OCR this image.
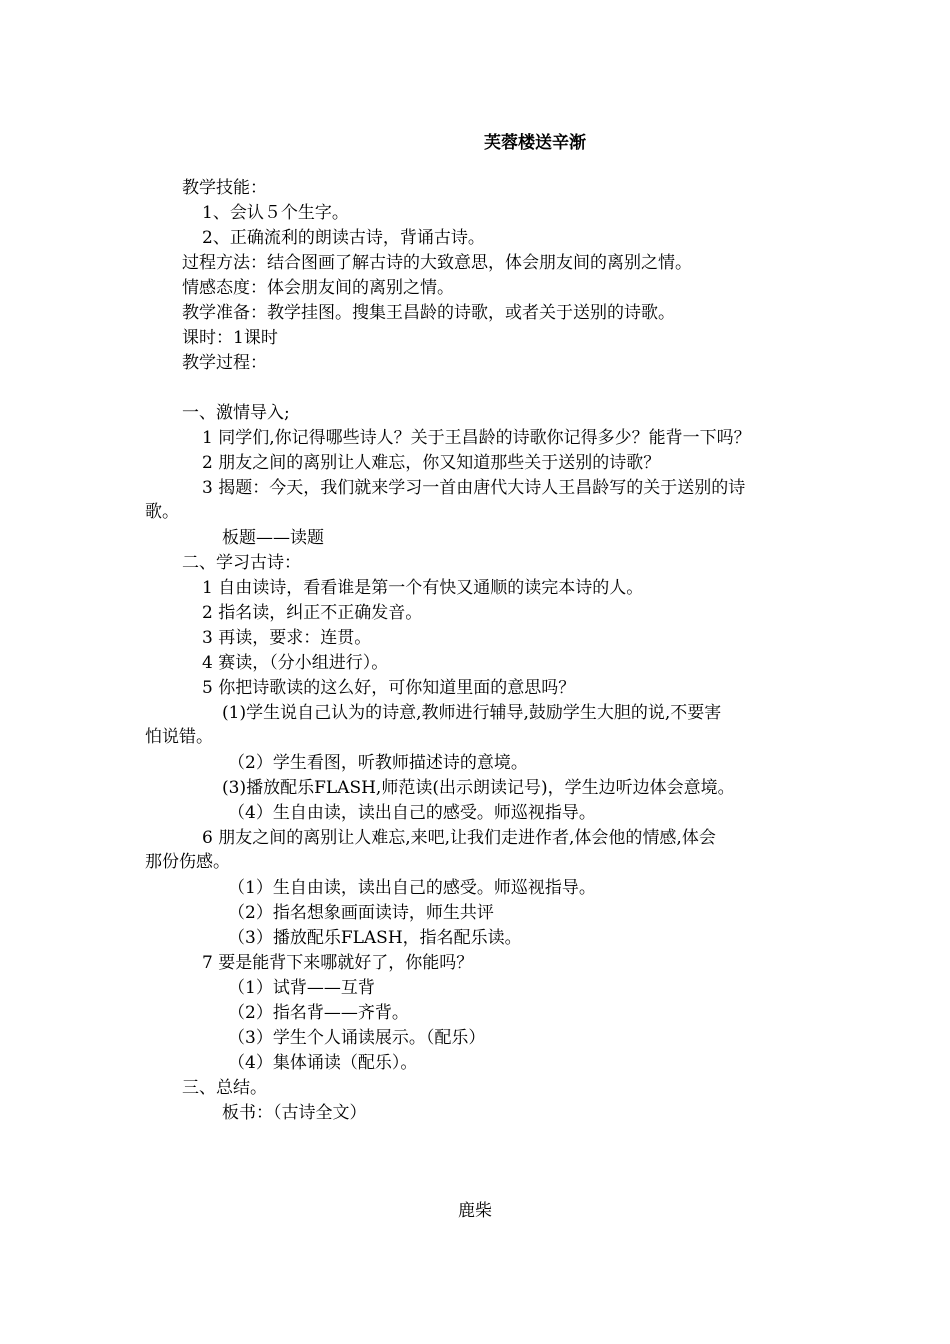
芙蓉楼送辛渐
教学技能：
1、会认５个生字。
2、正确流利的朗读古诗，背诵古诗。
过程方法：结合图画了解古诗的大致意思，体会朋友间的离别之情。
情感态度：体会朋友间的离别之情。
教学准备：教学挂图。搜集王昌龄的诗歌，或者关于送别的诗歌。
课时：1课时
教学过程：
一、激情导入;
1 同学们,你记得哪些诗人？关于王昌龄的诗歌你记得多少？能背一下吗？
2 朋友之间的离别让人难忘，你又知道那些关于送别的诗歌？
3 揭题：今天，我们就来学习一首由唐代大诗人王昌龄写的关于送别的诗
歌。
板题——读题
二、学习古诗：
1 自由读诗，看看谁是第一个有快又通顺的读完本诗的人。
2 指名读，纠正不正确发音。
3 再读，要求：连贯。
4 赛读，（分小组进行）。
5 你把诗歌读的这么好，可你知道里面的意思吗？
(1)学生说自己认为的诗意,教师进行辅导,鼓励学生大胆的说,不要害
怕说错。
（2）学生看图，听教师描述诗的意境。
(3)播放配乐FLASH,师范读(出示朗读记号)，学生边听边体会意境。
（4）生自由读，读出自己的感受。师巡视指导。
6 朋友之间的离别让人难忘,来吧,让我们走进作者,体会他的情感,体会
那份伤感。
（1）生自由读，读出自己的感受。师巡视指导。
（2）指名想象画面读诗，师生共评
（3）播放配乐FLASH，指名配乐读。
7 要是能背下来哪就好了，你能吗？
（1）试背——互背
（2）指名背——齐背。
（3）学生个人诵读展示。（配乐）
（4）集体诵读（配乐）。
三、总结。
板书：（古诗全文）
鹿柴
